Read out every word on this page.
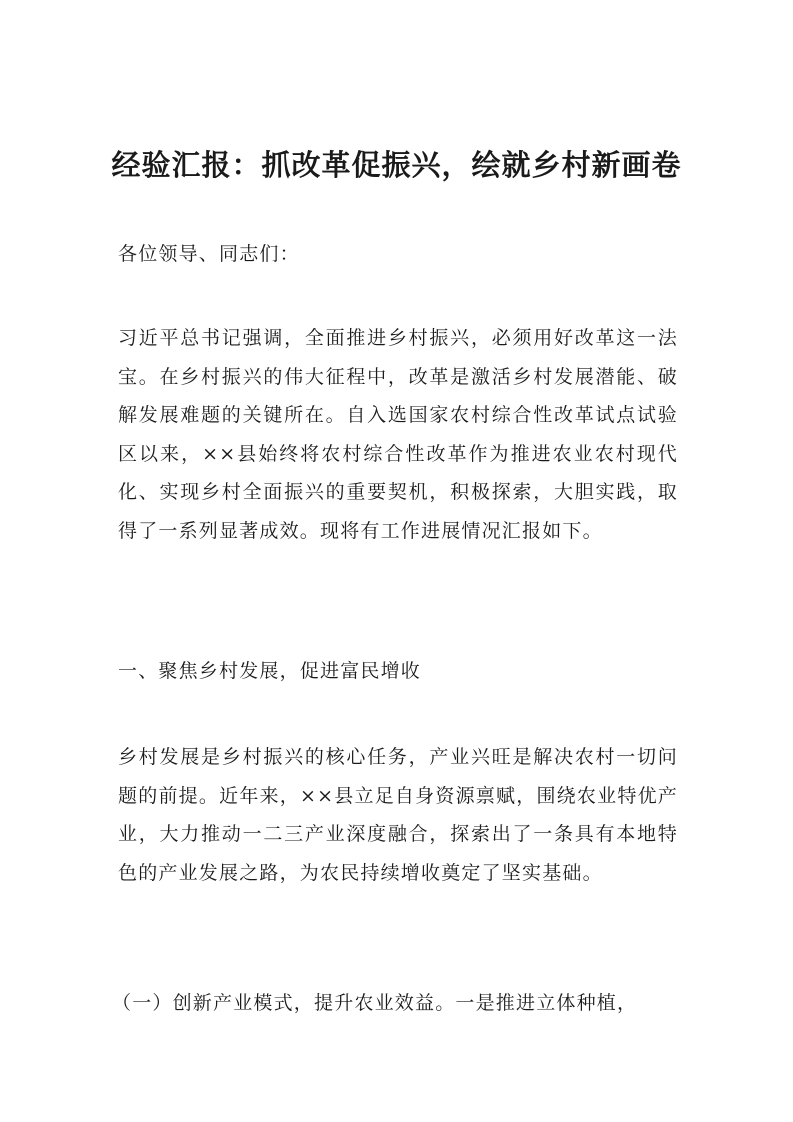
经验汇报：抓改革促振兴，绘就乡村新画卷

各位领导、同志们：

习近平总书记强调，全面推进乡村振兴，必须用好改革这一法宝。在乡村振兴的伟大征程中，改革是激活乡村发展潜能、破解发展难题的关键所在。自入选国家农村综合性改革试点试验区以来，××县始终将农村综合性改革作为推进农业农村现代化、实现乡村全面振兴的重要契机，积极探索，大胆实践，取得了一系列显著成效。现将有工作进展情况汇报如下。

一、聚焦乡村发展，促进富民增收

乡村发展是乡村振兴的核心任务，产业兴旺是解决农村一切问题的前提。近年来，××县立足自身资源禀赋，围绕农业特优产业，大力推动一二三产业深度融合，探索出了一条具有本地特色的产业发展之路，为农民持续增收奠定了坚实基础。

（一）创新产业模式，提升农业效益。一是推进立体种植，
